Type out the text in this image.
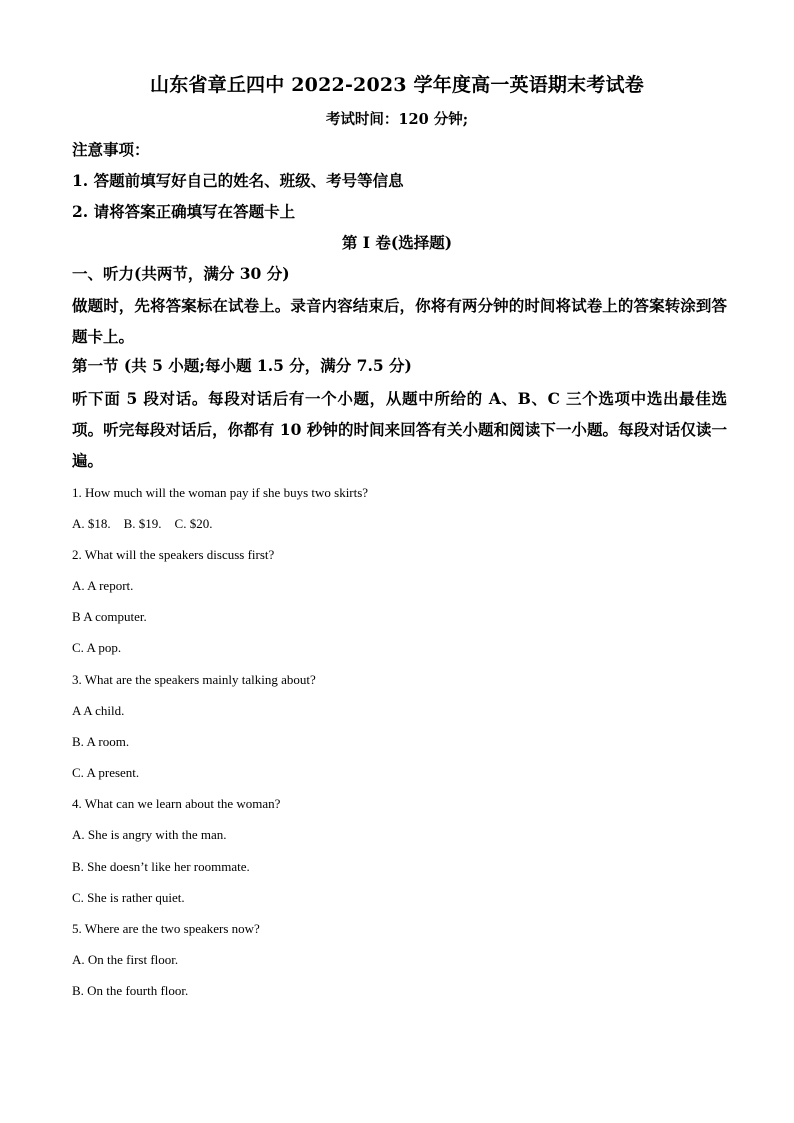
山东省章丘四中 2022-2023 学年度高一英语期末考试卷
考试时间：120 分钟;
注意事项：
1. 答题前填写好自己的姓名、班级、考号等信息
2. 请将答案正确填写在答题卡上
第 I 卷(选择题)
一、听力(共两节，满分 30 分)
做题时，先将答案标在试卷上。录音内容结束后，你将有两分钟的时间将试卷上的答案转涂到答题卡上。
第一节 (共 5 小题;每小题 1.5 分，满分 7.5 分)
听下面 5 段对话。每段对话后有一个小题，从题中所给的 A、B、C 三个选项中选出最佳选项。听完每段对话后，你都有 10 秒钟的时间来回答有关小题和阅读下一小题。每段对话仅读一遍。
1. How much will the woman pay if she buys two skirts?
A. $18.    B. $19.    C. $20.
2. What will the speakers discuss first?
A. A report.
B A computer.
C. A pop.
3. What are the speakers mainly talking about?
A A child.
B. A room.
C. A present.
4. What can we learn about the woman?
A. She is angry with the man.
B. She doesn’t like her roommate.
C. She is rather quiet.
5. Where are the two speakers now?
A. On the first floor.
B. On the fourth floor.
